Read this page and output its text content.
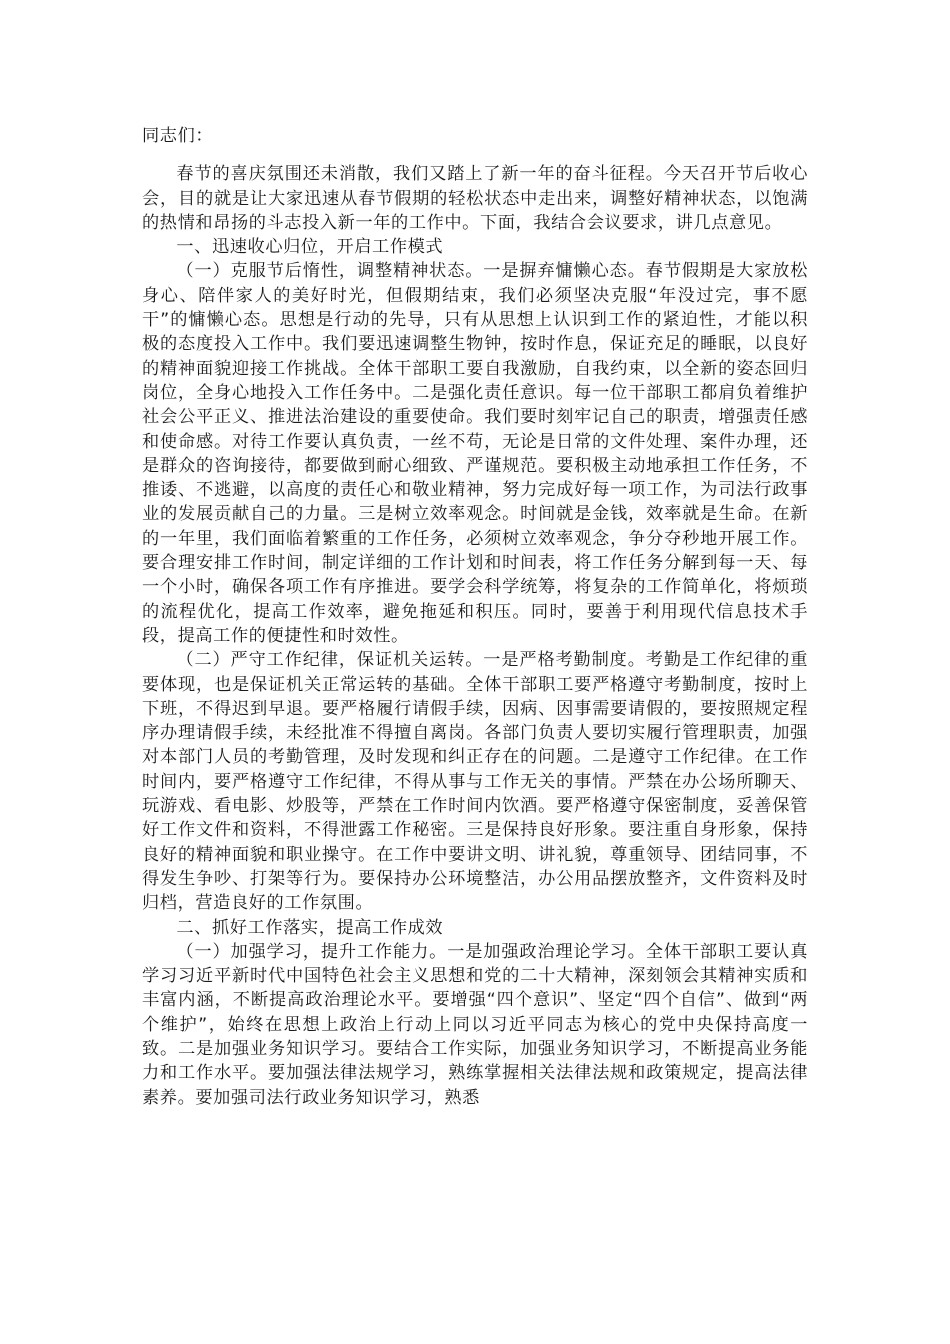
同志们：

春节的喜庆氛围还未消散，我们又踏上了新一年的奋斗征程。今天召开节后收心会，目的就是让大家迅速从春节假期的轻松状态中走出来，调整好精神状态，以饱满的热情和昂扬的斗志投入新一年的工作中。下面，我结合会议要求，讲几点意见。

一、迅速收心归位，开启工作模式

（一）克服节后惰性，调整精神状态。一是摒弃慵懒心态。春节假期是大家放松身心、陪伴家人的美好时光，但假期结束，我们必须坚决克服“年没过完，事不愿干”的慵懒心态。思想是行动的先导，只有从思想上认识到工作的紧迫性，才能以积极的态度投入工作中。我们要迅速调整生物钟，按时作息，保证充足的睡眠，以良好的精神面貌迎接工作挑战。全体干部职工要自我激励，自我约束，以全新的姿态回归岗位，全身心地投入工作任务中。二是强化责任意识。每一位干部职工都肩负着维护社会公平正义、推进法治建设的重要使命。我们要时刻牢记自己的职责，增强责任感和使命感。对待工作要认真负责，一丝不苟，无论是日常的文件处理、案件办理，还是群众的咨询接待，都要做到耐心细致、严谨规范。要积极主动地承担工作任务，不推诿、不逃避，以高度的责任心和敬业精神，努力完成好每一项工作，为司法行政事业的发展贡献自己的力量。三是树立效率观念。时间就是金钱，效率就是生命。在新的一年里，我们面临着繁重的工作任务，必须树立效率观念，争分夺秒地开展工作。要合理安排工作时间，制定详细的工作计划和时间表，将工作任务分解到每一天、每一个小时，确保各项工作有序推进。要学会科学统筹，将复杂的工作简单化，将烦琐的流程优化，提高工作效率，避免拖延和积压。同时，要善于利用现代信息技术手段，提高工作的便捷性和时效性。

（二）严守工作纪律，保证机关运转。一是严格考勤制度。考勤是工作纪律的重要体现，也是保证机关正常运转的基础。全体干部职工要严格遵守考勤制度，按时上下班，不得迟到早退。要严格履行请假手续，因病、因事需要请假的，要按照规定程序办理请假手续，未经批准不得擅自离岗。各部门负责人要切实履行管理职责，加强对本部门人员的考勤管理，及时发现和纠正存在的问题。二是遵守工作纪律。在工作时间内，要严格遵守工作纪律，不得从事与工作无关的事情。严禁在办公场所聊天、玩游戏、看电影、炒股等，严禁在工作时间内饮酒。要严格遵守保密制度，妥善保管好工作文件和资料，不得泄露工作秘密。三是保持良好形象。要注重自身形象，保持良好的精神面貌和职业操守。在工作中要讲文明、讲礼貌，尊重领导、团结同事，不得发生争吵、打架等行为。要保持办公环境整洁，办公用品摆放整齐，文件资料及时归档，营造良好的工作氛围。

二、抓好工作落实，提高工作成效

（一）加强学习，提升工作能力。一是加强政治理论学习。全体干部职工要认真学习习近平新时代中国特色社会主义思想和党的二十大精神，深刻领会其精神实质和丰富内涵，不断提高政治理论水平。要增强“四个意识”、坚定“四个自信”、做到“两个维护”，始终在思想上政治上行动上同以习近平同志为核心的党中央保持高度一致。二是加强业务知识学习。要结合工作实际，加强业务知识学习，不断提高业务能力和工作水平。要加强法律法规学习，熟练掌握相关法律法规和政策规定，提高法律素养。要加强司法行政业务知识学习，熟悉
